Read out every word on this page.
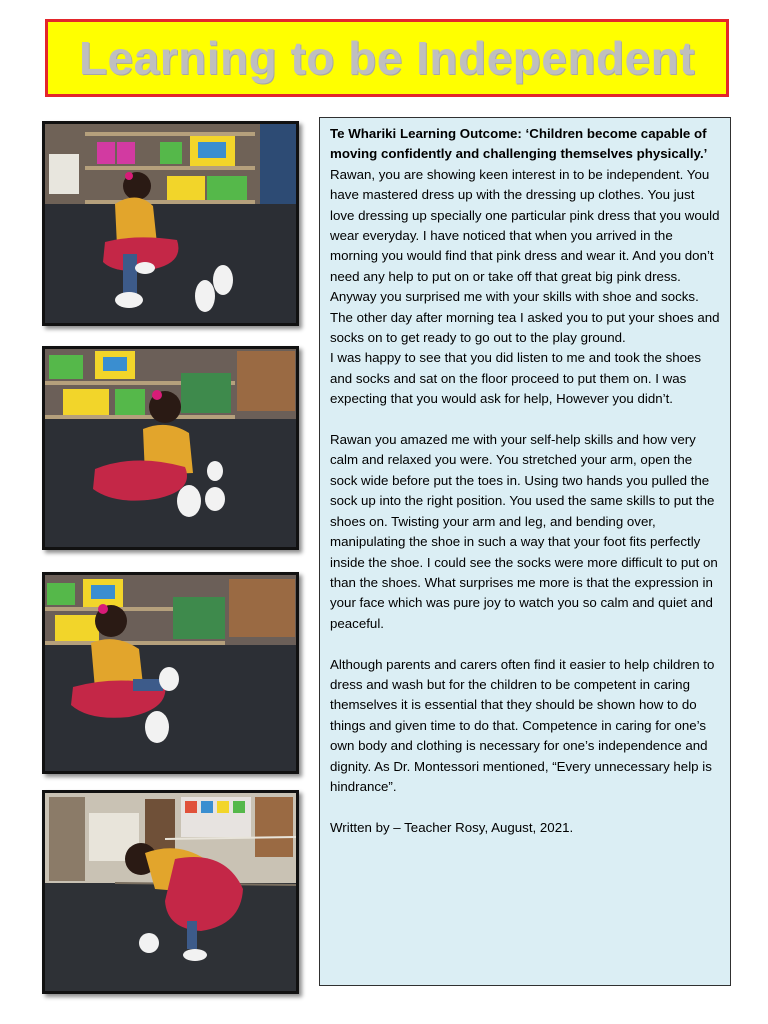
Learning to be Independent

Te Whariki Learning Outcome: ‘Children become capable of moving confidently and challenging themselves physically.’

Rawan, you are showing keen interest in to be independent. You have mastered dress up with the dressing up clothes. You just love dressing up specially one particular pink dress that you would wear everyday. I have noticed that when you arrived in the morning you would find that pink dress and wear it. And you don’t need any help to put on or take off that great big pink dress.

Anyway you surprised me with your skills with shoe and socks. The other day after morning tea I asked you to put your shoes and socks on to get ready to go out to the play ground.

I was happy to see that you did listen to me and took the shoes and socks and sat on the floor proceed to put them on. I was expecting that you would ask for help, However you didn’t.

Rawan you amazed me with your self-help skills and how very calm and relaxed you were. You stretched your arm, open the sock wide before put the toes in. Using two hands you pulled the sock up into the right position. You used the same skills to put the shoes on. Twisting your arm and leg, and bending over, manipulating the shoe in such a way that your foot fits perfectly inside the shoe. I could see the socks were more difficult to put on than the shoes. What surprises me more is that the expression in your face which was pure joy to watch you so calm and quiet and peaceful.

Although parents and carers often find it easier to help children to dress and wash but for the children to be competent in caring themselves it is essential that they should be shown how to do things and given time to do that. Competence in caring for one’s own body and clothing is necessary for one’s independence and dignity. As Dr. Montessori mentioned, “Every unnecessary help is hindrance”.

Written by – Teacher Rosy, August, 2021.
